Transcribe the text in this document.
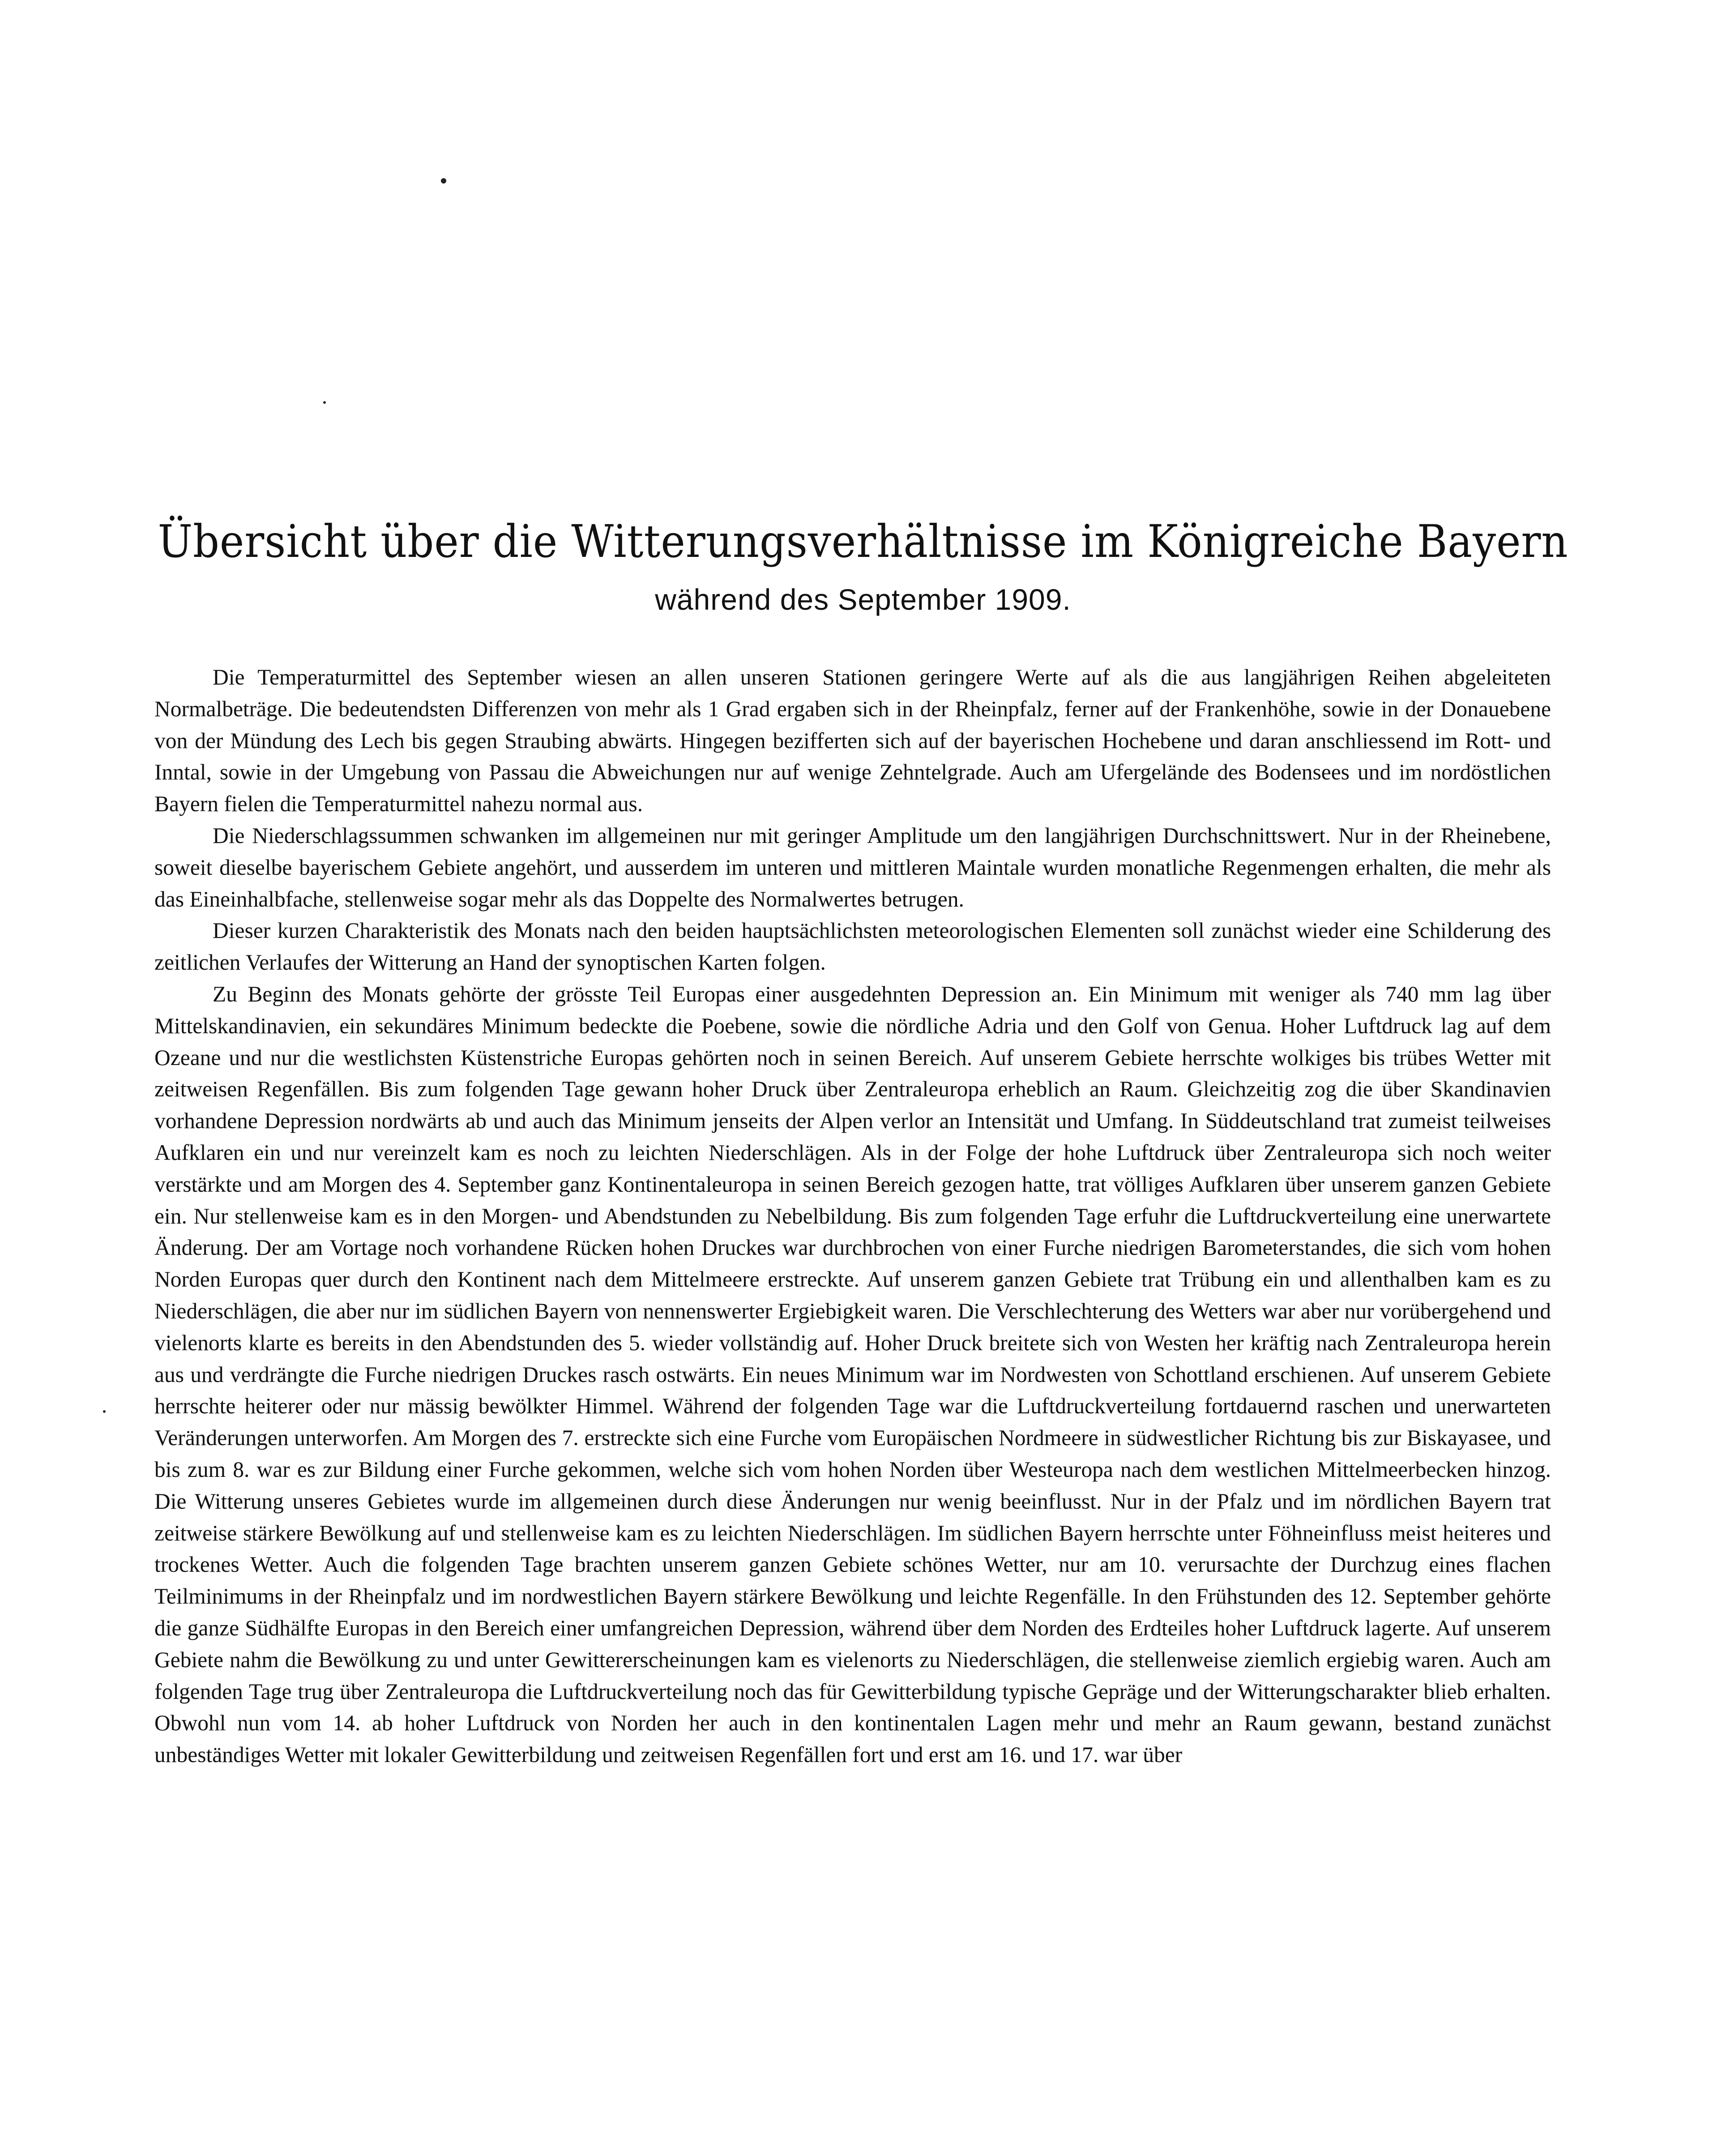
Übersicht über die Witterungsverhältnisse im Königreiche Bayern
während des September 1909.

Die Temperaturmittel des September wiesen an allen unseren Stationen geringere Werte auf als die aus langjährigen Reihen abgeleiteten Normalbeträge. Die bedeutendsten Differenzen von mehr als 1 Grad ergaben sich in der Rheinpfalz, ferner auf der Frankenhöhe, sowie in der Donauebene von der Mündung des Lech bis gegen Straubing abwärts. Hingegen bezifferten sich auf der bayerischen Hochebene und daran anschliessend im Rott- und Inntal, sowie in der Umgebung von Passau die Abweichungen nur auf wenige Zehntelgrade. Auch am Ufergelände des Bodensees und im nordöstlichen Bayern fielen die Temperaturmittel nahezu normal aus.

Die Niederschlagssummen schwanken im allgemeinen nur mit geringer Amplitude um den langjährigen Durchschnittswert. Nur in der Rheinebene, soweit dieselbe bayerischem Gebiete angehört, und ausserdem im unteren und mittleren Maintale wurden monatliche Regenmengen erhalten, die mehr als das Eineinhalbfache, stellenweise sogar mehr als das Doppelte des Normalwertes betrugen.

Dieser kurzen Charakteristik des Monats nach den beiden hauptsächlichsten meteorologischen Elementen soll zunächst wieder eine Schilderung des zeitlichen Verlaufes der Witterung an Hand der synoptischen Karten folgen.

Zu Beginn des Monats gehörte der grösste Teil Europas einer ausgedehnten Depression an. Ein Minimum mit weniger als 740 mm lag über Mittelskandinavien, ein sekundäres Minimum bedeckte die Poebene, sowie die nördliche Adria und den Golf von Genua. Hoher Luftdruck lag auf dem Ozeane und nur die westlichsten Küstenstriche Europas gehörten noch in seinen Bereich. Auf unserem Gebiete herrschte wolkiges bis trübes Wetter mit zeitweisen Regenfällen. Bis zum folgenden Tage gewann hoher Druck über Zentraleuropa erheblich an Raum. Gleichzeitig zog die über Skandinavien vorhandene Depression nordwärts ab und auch das Minimum jenseits der Alpen verlor an Intensität und Umfang. In Süddeutschland trat zumeist teilweises Aufklaren ein und nur vereinzelt kam es noch zu leichten Niederschlägen. Als in der Folge der hohe Luftdruck über Zentraleuropa sich noch weiter verstärkte und am Morgen des 4. September ganz Kontinentaleuropa in seinen Bereich gezogen hatte, trat völliges Aufklaren über unserem ganzen Gebiete ein. Nur stellenweise kam es in den Morgen- und Abendstunden zu Nebelbildung. Bis zum folgenden Tage erfuhr die Luftdruckverteilung eine unerwartete Änderung. Der am Vortage noch vorhandene Rücken hohen Druckes war durchbrochen von einer Furche niedrigen Barometerstandes, die sich vom hohen Norden Europas quer durch den Kontinent nach dem Mittelmeere erstreckte. Auf unserem ganzen Gebiete trat Trübung ein und allenthalben kam es zu Niederschlägen, die aber nur im südlichen Bayern von nennenswerter Ergiebigkeit waren. Die Verschlechterung des Wetters war aber nur vorübergehend und vielenorts klarte es bereits in den Abendstunden des 5. wieder vollständig auf. Hoher Druck breitete sich von Westen her kräftig nach Zentraleuropa herein aus und verdrängte die Furche niedrigen Druckes rasch ostwärts. Ein neues Minimum war im Nordwesten von Schottland erschienen. Auf unserem Gebiete herrschte heiterer oder nur mässig bewölkter Himmel. Während der folgenden Tage war die Luftdruckverteilung fortdauernd raschen und unerwarteten Veränderungen unterworfen. Am Morgen des 7. erstreckte sich eine Furche vom Europäischen Nordmeere in südwestlicher Richtung bis zur Biskayasee, und bis zum 8. war es zur Bildung einer Furche gekommen, welche sich vom hohen Norden über Westeuropa nach dem westlichen Mittelmeerbecken hinzog. Die Witterung unseres Gebietes wurde im allgemeinen durch diese Änderungen nur wenig beeinflusst. Nur in der Pfalz und im nördlichen Bayern trat zeitweise stärkere Bewölkung auf und stellenweise kam es zu leichten Niederschlägen. Im südlichen Bayern herrschte unter Föhneinfluss meist heiteres und trockenes Wetter. Auch die folgenden Tage brachten unserem ganzen Gebiete schönes Wetter, nur am 10. verursachte der Durchzug eines flachen Teilminimums in der Rheinpfalz und im nordwestlichen Bayern stärkere Bewölkung und leichte Regenfälle. In den Frühstunden des 12. September gehörte die ganze Südhälfte Europas in den Bereich einer umfangreichen Depression, während über dem Norden des Erdteiles hoher Luftdruck lagerte. Auf unserem Gebiete nahm die Bewölkung zu und unter Gewittererscheinungen kam es vielenorts zu Niederschlägen, die stellenweise ziemlich ergiebig waren. Auch am folgenden Tage trug über Zentraleuropa die Luftdruckverteilung noch das für Gewitterbildung typische Gepräge und der Witterungscharakter blieb erhalten. Obwohl nun vom 14. ab hoher Luftdruck von Norden her auch in den kontinentalen Lagen mehr und mehr an Raum gewann, bestand zunächst unbeständiges Wetter mit lokaler Gewitterbildung und zeitweisen Regenfällen fort und erst am 16. und 17. war über
